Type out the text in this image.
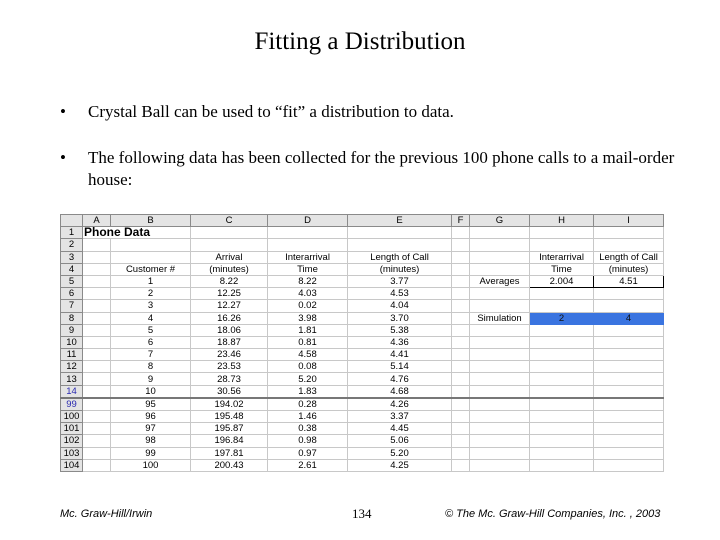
Fitting a Distribution
• Crystal Ball can be used to “fit” a distribution to data.
• The following data has been collected for the previous 100 phone calls to a mail-order house:
	A	B	C	D	E	F	G	H	I
1	Phone Data								
2									
3			Arrival	Interarrival	Length of Call			Interarrival	Length of Call
4		Customer #	(minutes)	Time	(minutes)			Time	(minutes)
5		1	8.22	8.22	3.77		Averages	2.004	4.51
6		2	12.25	4.03	4.53				
7		3	12.27	0.02	4.04				
8		4	16.26	3.98	3.70		Simulation	2	4
9		5	18.06	1.81	5.38				
10		6	18.87	0.81	4.36				
11		7	23.46	4.58	4.41				
12		8	23.53	0.08	5.14				
13		9	28.73	5.20	4.76				
14		10	30.56	1.83	4.68				
99		95	194.02	0.28	4.26				
100		96	195.48	1.46	3.37				
101		97	195.87	0.38	4.45				
102		98	196.84	0.98	5.06				
103		99	197.81	0.97	5.20				
104		100	200.43	2.61	4.25				
Mc. Graw-Hill/Irwin	134	© The Mc. Graw-Hill Companies, Inc. , 2003
